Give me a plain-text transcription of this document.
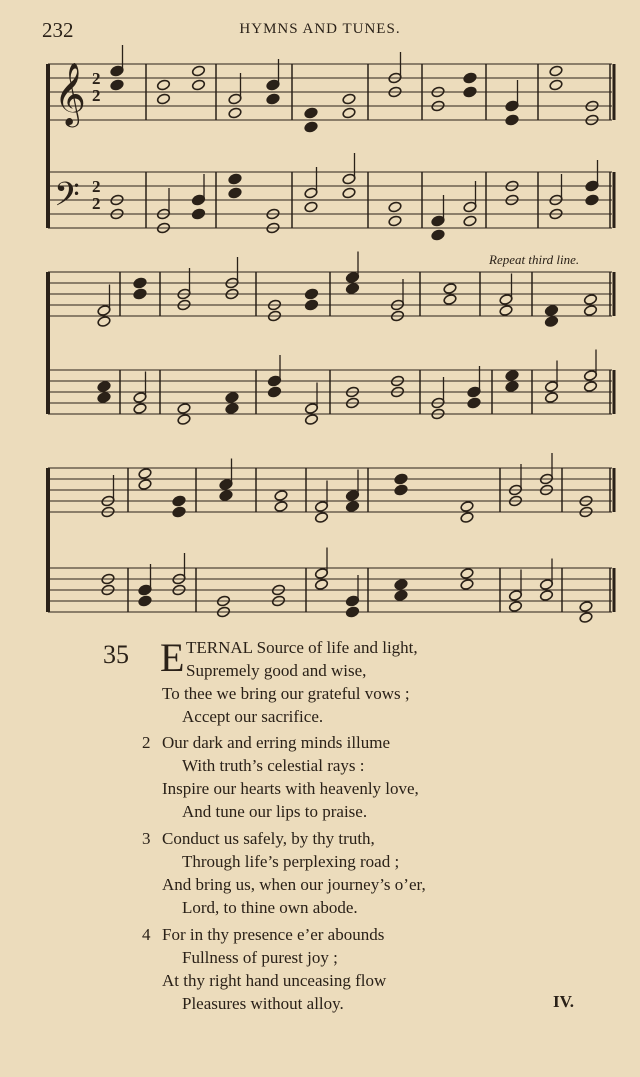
232	HYMNS AND TUNES.
2
2
2
2
𝄞
𝄢
Repeat third line.
35 E TERNAL Source of life and light,
Supremely good and wise,
To thee we bring our grateful vows ;
Accept our sacrifice.
2 Our dark and erring minds illume
With truth’s celestial rays :
Inspire our hearts with heavenly love,
And tune our lips to praise.
3 Conduct us safely, by thy truth,
Through life’s perplexing road ;
And bring us, when our journey’s o’er,
Lord, to thine own abode.
4 For in thy presence e’er abounds
Fullness of purest joy ;
At thy right hand unceasing flow
Pleasures without alloy.	IV.
